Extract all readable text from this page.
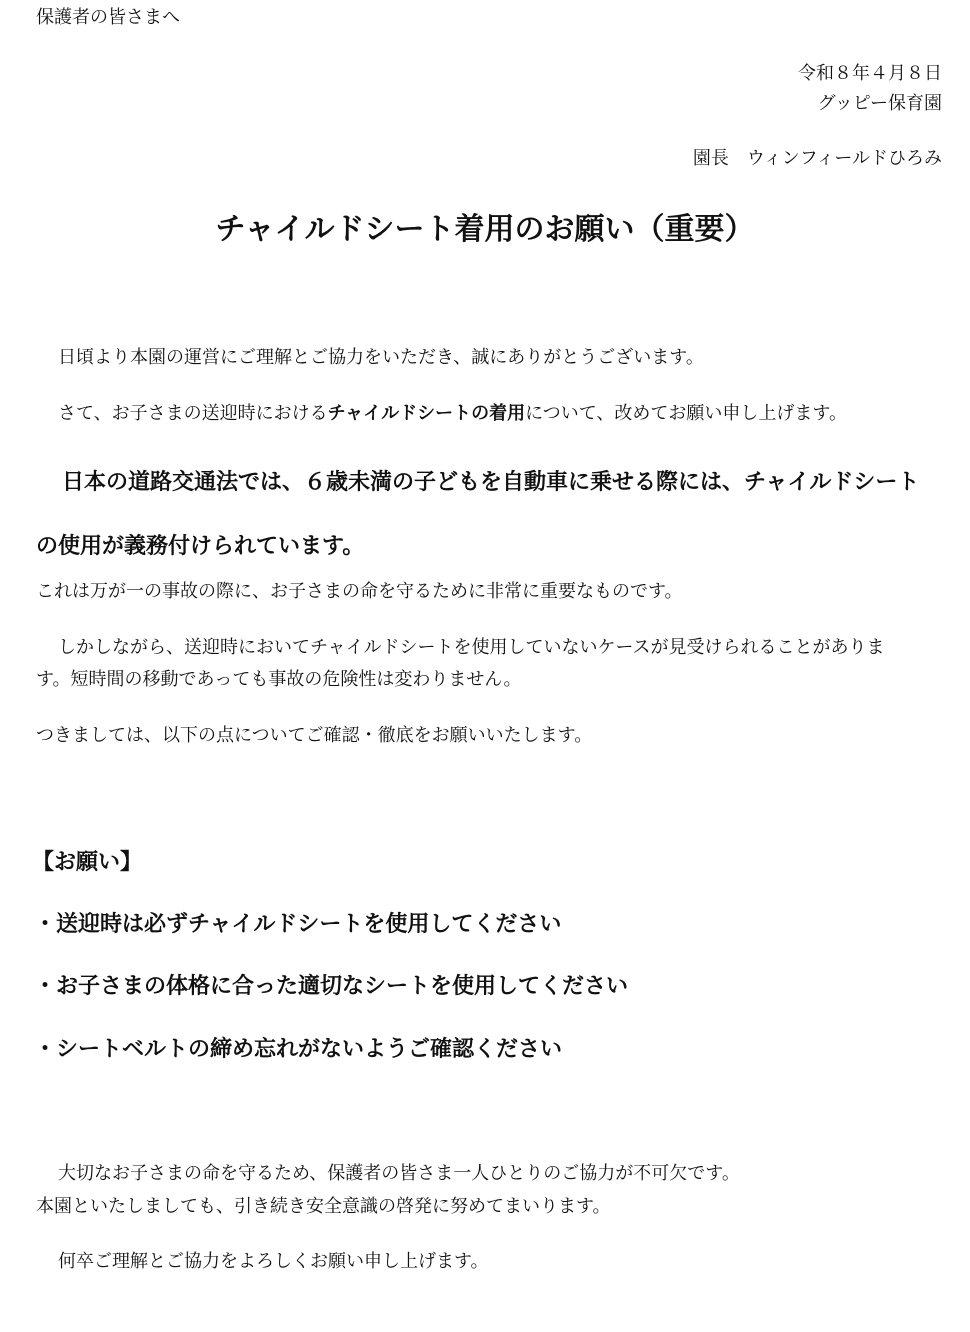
保護者の皆さまへ
令和８年４月８日
グッピー保育園
園長　ウィンフィールドひろみ
チャイルドシート着用のお願い（重要）
日頃より本園の運営にご理解とご協力をいただき、誠にありがとうございます。
さて、お子さまの送迎時におけるチャイルドシートの着用について、改めてお願い申し上げます。
日本の道路交通法では、６歳未満の子どもを自動車に乗せる際には、チャイルドシート
の使用が義務付けられています。
これは万が一の事故の際に、お子さまの命を守るために非常に重要なものです。
しかしながら、送迎時においてチャイルドシートを使用していないケースが見受けられることがありま
す。短時間の移動であっても事故の危険性は変わりません。
つきましては、以下の点についてご確認・徹底をお願いいたします。
【お願い】
・送迎時は必ずチャイルドシートを使用してください
・お子さまの体格に合った適切なシートを使用してください
・シートベルトの締め忘れがないようご確認ください
大切なお子さまの命を守るため、保護者の皆さま一人ひとりのご協力が不可欠です。
本園といたしましても、引き続き安全意識の啓発に努めてまいります。
何卒ご理解とご協力をよろしくお願い申し上げます。
